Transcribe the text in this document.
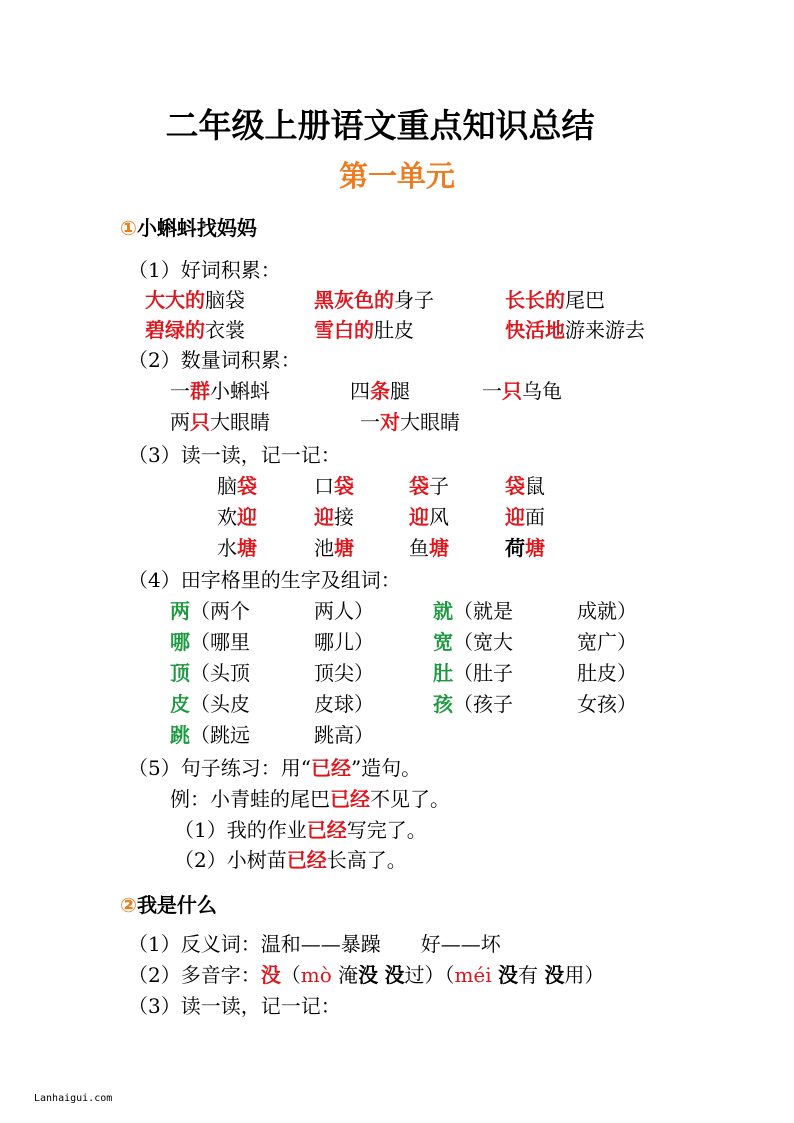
二年级上册语文重点知识总结
第一单元
①小蝌蚪找妈妈
（1）好词积累：
大大的脑袋	黑灰色的身子	长长的尾巴
碧绿的衣裳	雪白的肚皮	快活地游来游去
（2）数量词积累：
一群小蝌蚪	四条腿	一只乌龟
两只大眼睛	一对大眼睛
（3）读一读，记一记：
脑袋	口袋	袋子	袋鼠
欢迎	迎接	迎风	迎面
水塘	池塘	鱼塘	荷塘
（4）田字格里的生字及组词：
两（两个	两人）	就（就是	成就）
哪（哪里	哪儿）	宽（宽大	宽广）
顶（头顶	顶尖）	肚（肚子	肚皮）
皮（头皮	皮球）	孩（孩子	女孩）
跳（跳远	跳高）
（5）句子练习：用“已经”造句。
例：小青蛙的尾巴已经不见了。
（1）我的作业已经写完了。
（2）小树苗已经长高了。
②我是什么
（1）反义词：温和——暴躁　　好——坏
（2）多音字：没（mò 淹没 没过）（méi 没有 没用）
（3）读一读，记一记：
Lanhaigui.com
